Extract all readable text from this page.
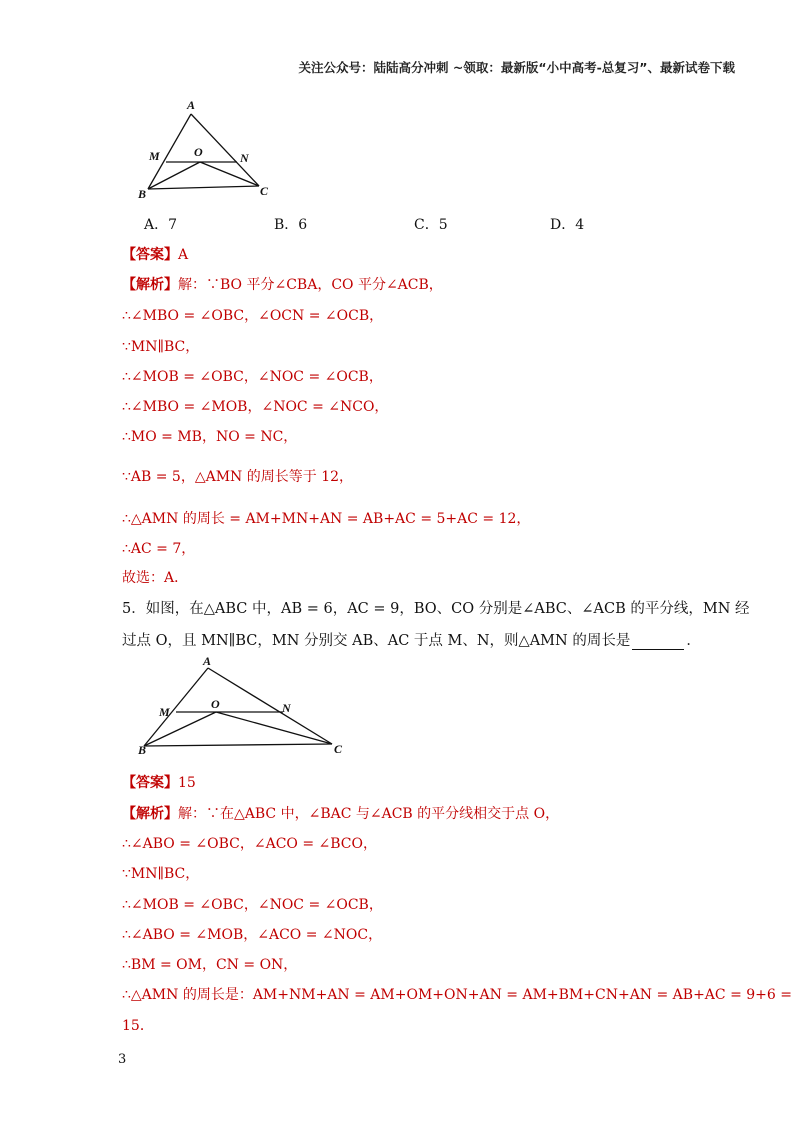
关注公众号：陆陆高分冲刺 ~领取：最新版“小中高考-总复习”、最新试卷下载
A
M	O	N
B	C
A．7	B．6	C．5	D．4
【答案】A
【解析】解：∵BO 平分∠CBA，CO 平分∠ACB，
∴∠MBO = ∠OBC，∠OCN = ∠OCB，
∵MN∥BC，
∴∠MOB = ∠OBC，∠NOC = ∠OCB，
∴∠MBO = ∠MOB，∠NOC = ∠NCO，
∴MO = MB，NO = NC，
∵AB = 5，△AMN 的周长等于 12，
∴△AMN 的周长 = AM+MN+AN = AB+AC = 5+AC = 12，
∴AC = 7，
故选：A．
5．如图，在△ABC 中，AB = 6，AC = 9，BO、CO 分别是∠ABC、∠ACB 的平分线，MN 经
过点 O，且 MN∥BC，MN 分别交 AB、AC 于点 M、N，则△AMN 的周长是	．
A
M
O	N
B	C
【答案】15
【解析】解：∵在△ABC 中，∠BAC 与∠ACB 的平分线相交于点 O，
∴∠ABO = ∠OBC，∠ACO = ∠BCO，
∵MN∥BC，
∴∠MOB = ∠OBC，∠NOC = ∠OCB，
∴∠ABO = ∠MOB，∠ACO = ∠NOC，
∴BM = OM，CN = ON，
∴△AMN 的周长是：AM+NM+AN = AM+OM+ON+AN = AM+BM+CN+AN = AB+AC = 9+6 =
15．
3
